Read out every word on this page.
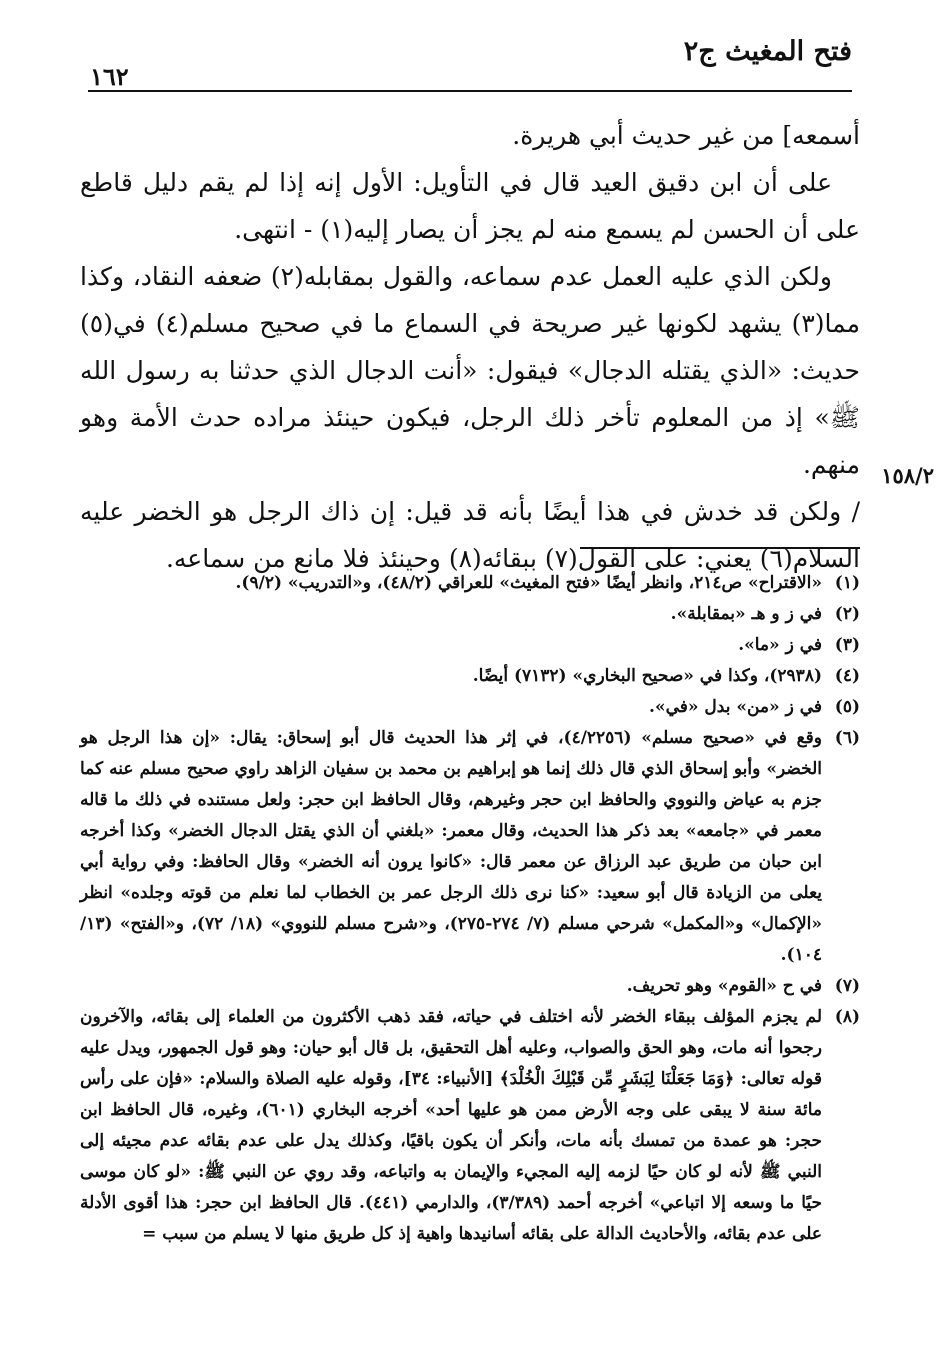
فتح المغيث ج٢
١٦٢

أسمعه] من غير حديث أبي هريرة.

على أن ابن دقيق العيد قال في التأويل: الأول إنه إذا لم يقم دليل قاطع على أن الحسن لم يسمع منه لم يجز أن يصار إليه(١) - انتهى.

ولكن الذي عليه العمل عدم سماعه، والقول بمقابله(٢) ضعفه النقاد، وكذا مما(٣) يشهد لكونها غير صريحة في السماع ما في صحيح مسلم(٤) في(٥) حديث: «الذي يقتله الدجال» فيقول: «أنت الدجال الذي حدثنا به رسول الله ﷺ» إذ من المعلوم تأخر ذلك الرجل، فيكون حينئذ مراده حدث الأمة وهو منهم.

/ ولكن قد خدش في هذا أيضًا بأنه قد قيل: إن ذاك الرجل هو الخضر عليه السلام(٦) يعني: على القول(٧) ببقائه(٨) وحينئذ فلا مانع من سماعه.

١٥٨/٢
(١)
«الاقتراح» ص٢١٤، وانظر أيضًا «فتح المغيث» للعراقي (٤٨/٢)، و«التدريب» (٩/٢).
(٢)
في ز و هـ «بمقابلة».
(٣)
في ز «ما».
(٤)
(٢٩٣٨)، وكذا في «صحيح البخاري» (٧١٣٢) أيضًا.
(٥)
في ز «من» بدل «في».
(٦)
وقع في «صحيح مسلم» (٤/٢٢٥٦)، في إثر هذا الحديث قال أبو إسحاق: يقال: «إن هذا الرجل هو الخضر» وأبو إسحاق الذي قال ذلك إنما هو إبراهيم بن محمد بن سفيان الزاهد راوي صحيح مسلم عنه كما جزم به عياض والنووي والحافظ ابن حجر وغيرهم، وقال الحافظ ابن حجر: ولعل مستنده في ذلك ما قاله معمر في «جامعه» بعد ذكر هذا الحديث، وقال معمر: «بلغني أن الذي يقتل الدجال الخضر» وكذا أخرجه ابن حبان من طريق عبد الرزاق عن معمر قال: «كانوا يرون أنه الخضر» وقال الحافظ: وفي رواية أبي يعلى من الزيادة قال أبو سعيد: «كنا نرى ذلك الرجل عمر بن الخطاب لما نعلم من قوته وجلده» انظر «الإكمال» و«المكمل» شرحي مسلم (٧/ ٢٧٤-٢٧٥)، و«شرح مسلم للنووي» (١٨/ ٧٢)، و«الفتح» (١٣/ ١٠٤).
(٧)
في ح «القوم» وهو تحريف.
(٨)
لم يجزم المؤلف ببقاء الخضر لأنه اختلف في حياته، فقد ذهب الأكثرون من العلماء إلى بقائه، والآخرون رجحوا أنه مات، وهو الحق والصواب، وعليه أهل التحقيق، بل قال أبو حيان: وهو قول الجمهور، ويدل عليه قوله تعالى: ﴿وَمَا جَعَلْنَا لِبَشَرٍ مِّن قَبْلِكَ الْخُلْدَ﴾ [الأنبياء: ٣٤]، وقوله عليه الصلاة والسلام: «فإن على رأس مائة سنة لا يبقى على وجه الأرض ممن هو عليها أحد» أخرجه البخاري (٦٠١)، وغيره، قال الحافظ ابن حجر: هو عمدة من تمسك بأنه مات، وأنكر أن يكون باقيًا، وكذلك يدل على عدم بقائه عدم مجيئه إلى النبي ﷺ لأنه لو كان حيًا لزمه إليه المجيء والإيمان به واتباعه، وقد روي عن النبي ﷺ: «لو كان موسى حيًا ما وسعه إلا اتباعي» أخرجه أحمد (٣/٣٨٩)، والدارمي (٤٤١). قال الحافظ ابن حجر: هذا أقوى الأدلة على عدم بقائه، والأحاديث الدالة على بقائه أسانيدها واهية إذ كل طريق منها لا يسلم من سبب =
